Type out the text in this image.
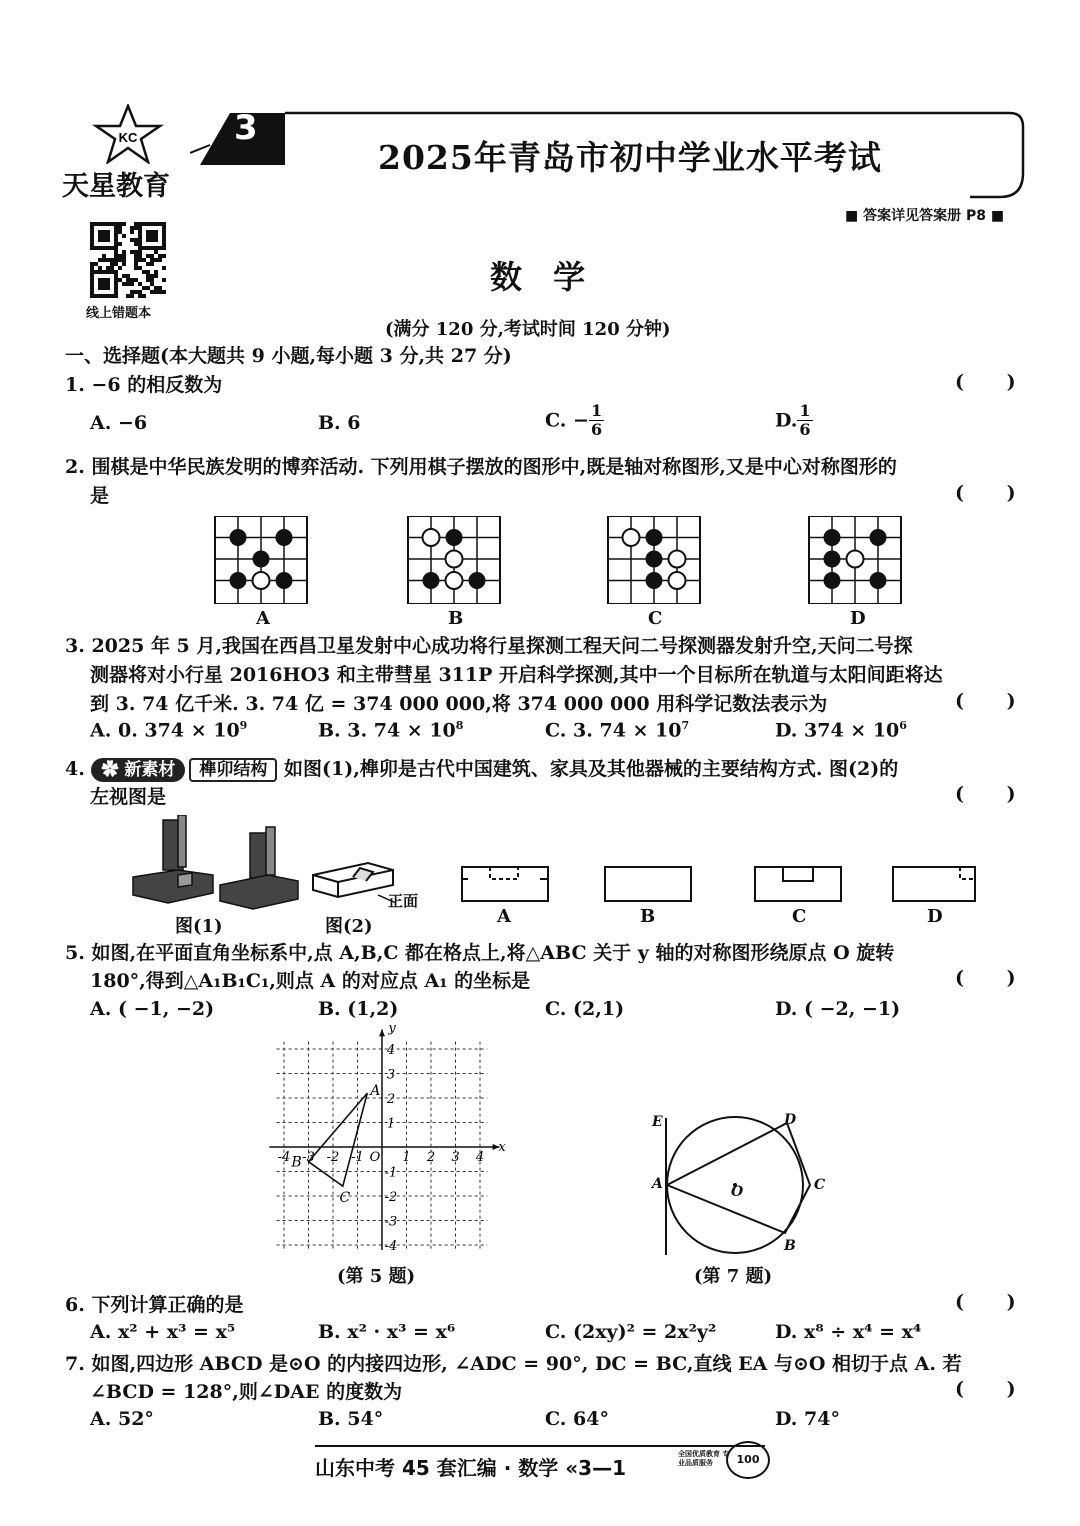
KC
天星教育
3
2025年青岛市初中学业水平考试
■ 答案详见答案册 P8 ■
线上错题本
数 学
(满分 120 分,考试时间 120 分钟)
一、选择题(本大题共 9 小题,每小题 3 分,共 27 分)
1. −6 的相反数为	( )
A. −6	B. 6	C. − $\frac{1}{6}$	D. $\frac{1}{6}$
2. 围棋是中华民族发明的博弈活动. 下列用棋子摆放的图形中,既是轴对称图形,又是中心对称图形的
是	( )
A	B	C	D
3. 2025 年 5 月,我国在西昌卫星发射中心成功将行星探测工程天问二号探测器发射升空,天问二号探
测器将对小行星 2016HO3 和主带彗星 311P 开启科学探测,其中一个目标所在轨道与太阳间距将达
到 3. 74 亿千米. 3. 74 亿 = 374 000 000,将 374 000 000 用科学记数法表示为	( )
A. 0. $374 \times 10^9$	B. 3. $74 \times 10^8$	C. 3. $74 \times 10^7$	D. $374 \times 10^6$
4. ✿ 新素材 榫卯结构 如图(1),榫卯是古代中国建筑、家具及其他器械的主要结构方式. 图(2)的
左视图是	( )
正面
图(1)	图(2)	A	B	C	D
5. 如图,在平面直角坐标系中,点 A,B,C 都在格点上,将△ABC 关于 y 轴的对称图形绕原点 O 旋转
180°,得到△A₁B₁C₁,则点 A 的对应点 A₁ 的坐标是	( )
A. ( −1, −2)	B. (1,2)	C. (2,1)	D. ( −2, −1)
-4 -3 -2 -1	1 2 3 4
4
3
2
1
-1
-2
-3
-4
x
y
O
A
B
C
(第 5 题)
E	D
A	O	C
B
(第 7 题)
6. 下列计算正确的是	( )
A. x² + x³ = x⁵	B. x² · x³ = x⁶	C. (2xy)² = 2x²y²	D. x⁸ ÷ x⁴ = x⁴
7. 如图,四边形 ABCD 是⊙O 的内接四边形, ∠ADC = 90°, DC = BC,直线 EA 与⊙O 相切于点 A. 若
∠BCD = 128°,则∠DAE 的度数为	( )
A. 52°	B. 54°	C. 64°	D. 74°
山东中考 45 套汇编 · 数学 «3—1
全国优质教育 专业品质服务	100
